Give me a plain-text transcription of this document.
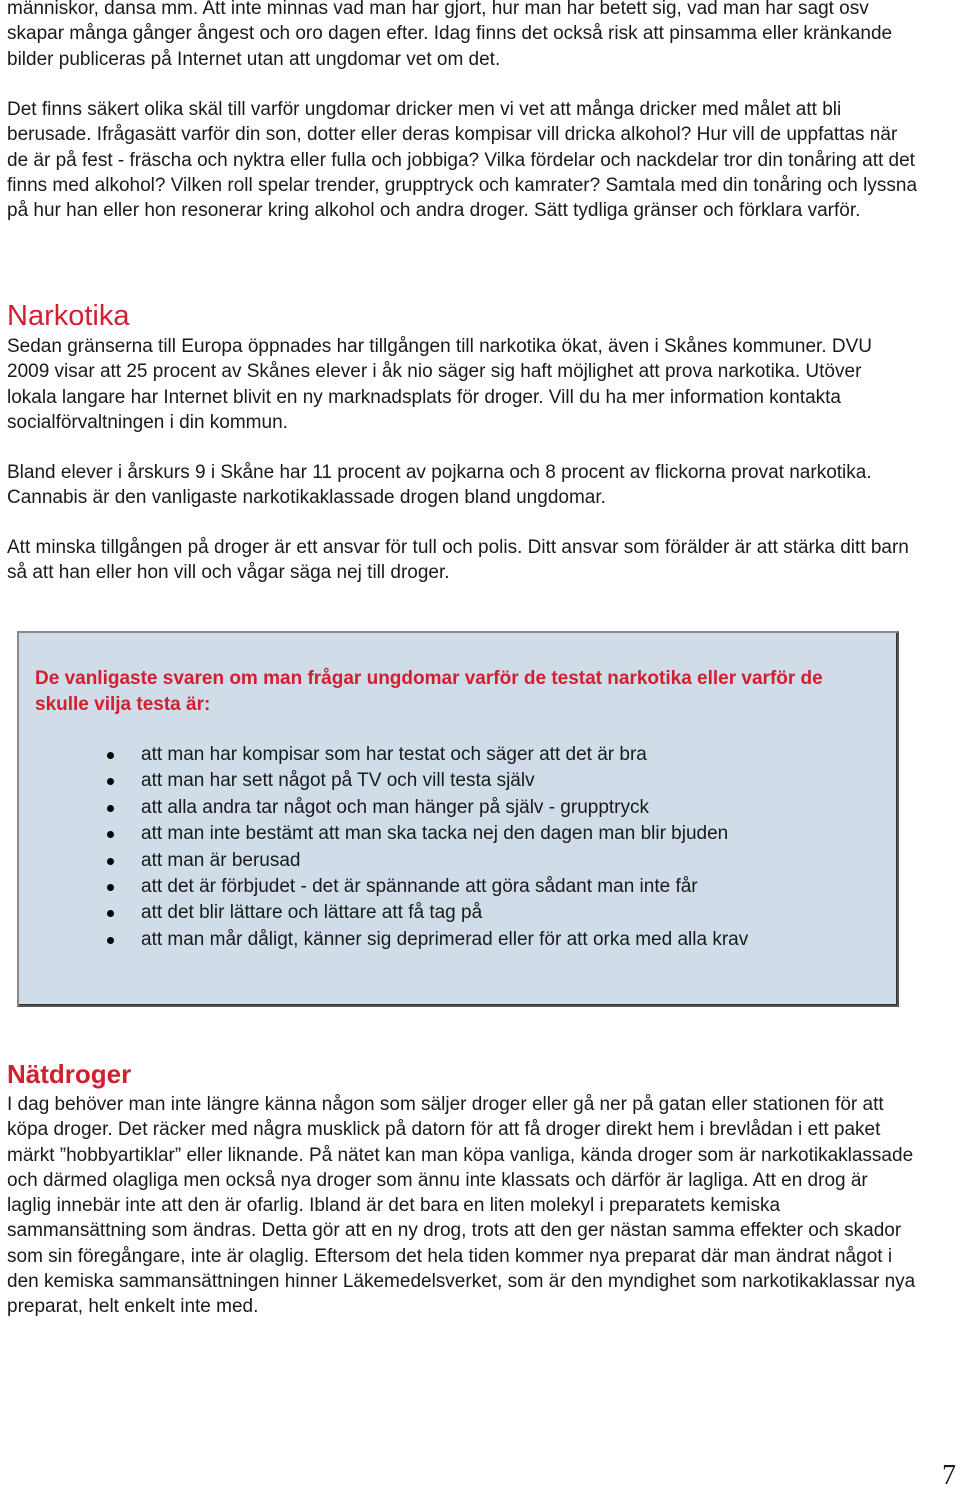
människor, dansa mm. Att inte minnas vad man har gjort, hur man har betett sig, vad man har sagt osv skapar många gånger ångest och oro dagen efter. Idag finns det också risk att pinsamma eller kränkande bilder publiceras på Internet utan att ungdomar vet om det.

Det finns säkert olika skäl till varför ungdomar dricker men vi vet att många dricker med målet att bli berusade. Ifrågasätt varför din son, dotter eller deras kompisar vill dricka alkohol? Hur vill de uppfattas när de är på fest - fräscha och nyktra eller fulla och jobbiga? Vilka fördelar och nackdelar tror din tonåring att det finns med alkohol? Vilken roll spelar trender, grupptryck och kamrater? Samtala med din tonåring och lyssna på hur han eller hon resonerar kring alkohol och andra droger. Sätt tydliga gränser och förklara varför.

Narkotika

Sedan gränserna till Europa öppnades har tillgången till narkotika ökat, även i Skånes kommuner. DVU 2009 visar att 25 procent av Skånes elever i åk nio säger sig haft möjlighet att prova narkotika. Utöver lokala langare har Internet blivit en ny marknadsplats för droger. Vill du ha mer information kontakta socialförvaltningen i din kommun.

Bland elever i årskurs 9 i Skåne har 11 procent av pojkarna och 8 procent av flickorna provat narkotika. Cannabis är den vanligaste narkotikaklassade drogen bland ungdomar.

Att minska tillgången på droger är ett ansvar för tull och polis. Ditt ansvar som förälder är att stärka ditt barn så att han eller hon vill och vågar säga nej till droger.

De vanligaste svaren om man frågar ungdomar varför de testat narkotika eller varför de skulle vilja testa är:

att man har kompisar som har testat och säger att det är bra
att man har sett något på TV och vill testa själv
att alla andra tar något och man hänger på själv - grupptryck
att man inte bestämt att man ska tacka nej den dagen man blir bjuden
att man är berusad
att det är förbjudet - det är spännande att göra sådant man inte får
att det blir lättare och lättare att få tag på
att man mår dåligt, känner sig deprimerad eller för att orka med alla krav
Nätdroger

I dag behöver man inte längre känna någon som säljer droger eller gå ner på gatan eller stationen för att köpa droger. Det räcker med några musklick på datorn för att få droger direkt hem i brevlådan i ett paket märkt ”hobbyartiklar” eller liknande. På nätet kan man köpa vanliga, kända droger som är narkotikaklassade och därmed olagliga men också nya droger som ännu inte klassats och därför är lagliga. Att en drog är laglig innebär inte att den är ofarlig. Ibland är det bara en liten molekyl i preparatets kemiska sammansättning som ändras. Detta gör att en ny drog, trots att den ger nästan samma effekter och skador som sin föregångare, inte är olaglig. Eftersom det hela tiden kommer nya preparat där man ändrat något i den kemiska sammansättningen hinner Läkemedelsverket, som är den myndighet som narkotikaklassar nya preparat, helt enkelt inte med.

7
